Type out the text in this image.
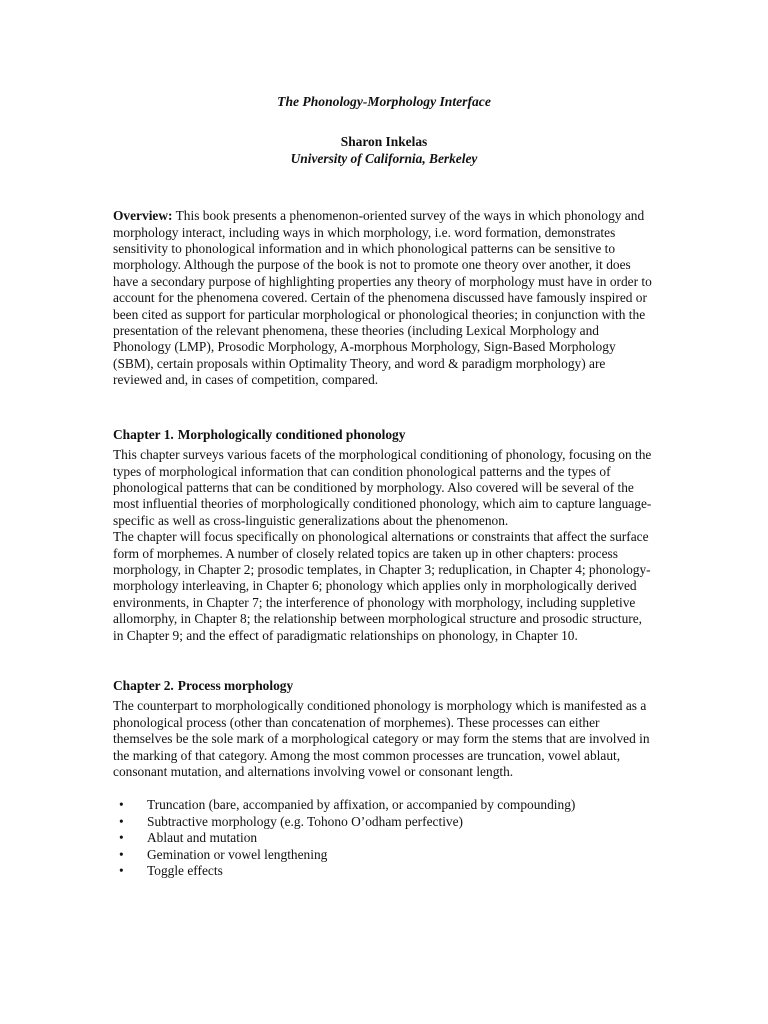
The Phonology-Morphology Interface
Sharon Inkelas
University of California, Berkeley
Overview: This book presents a phenomenon-oriented survey of the ways in which phonology and morphology interact, including ways in which morphology, i.e. word formation, demonstrates sensitivity to phonological information and in which phonological patterns can be sensitive to morphology. Although the purpose of the book is not to promote one theory over another, it does have a secondary purpose of highlighting properties any theory of morphology must have in order to account for the phenomena covered. Certain of the phenomena discussed have famously inspired or been cited as support for particular morphological or phonological theories; in conjunction with the presentation of the relevant phenomena, these theories (including Lexical Morphology and Phonology (LMP), Prosodic Morphology, A-morphous Morphology, Sign-Based Morphology (SBM), certain proposals within Optimality Theory, and word & paradigm morphology) are reviewed and, in cases of competition, compared.
Chapter 1. Morphologically conditioned phonology

This chapter surveys various facets of the morphological conditioning of phonology, focusing on the types of morphological information that can condition phonological patterns and the types of phonological patterns that can be conditioned by morphology. Also covered will be several of the most influential theories of morphologically conditioned phonology, which aim to capture language-specific as well as cross-linguistic generalizations about the phenomenon.

The chapter will focus specifically on phonological alternations or constraints that affect the surface form of morphemes. A number of closely related topics are taken up in other chapters: process morphology, in Chapter 2; prosodic templates, in Chapter 3; reduplication, in Chapter 4; phonology-morphology interleaving, in Chapter 6; phonology which applies only in morphologically derived environments, in Chapter 7; the interference of phonology with morphology, including suppletive allomorphy, in Chapter 8; the relationship between morphological structure and prosodic structure, in Chapter 9; and the effect of paradigmatic relationships on phonology, in Chapter 10.

Chapter 2. Process morphology

The counterpart to morphologically conditioned phonology is morphology which is manifested as a phonological process (other than concatenation of morphemes). These processes can either themselves be the sole mark of a morphological category or may form the stems that are involved in the marking of that category. Among the most common processes are truncation, vowel ablaut, consonant mutation, and alternations involving vowel or consonant length.

• Truncation (bare, accompanied by affixation, or accompanied by compounding)
• Subtractive morphology (e.g. Tohono O’odham perfective)
• Ablaut and mutation
• Gemination or vowel lengthening
• Toggle effects
